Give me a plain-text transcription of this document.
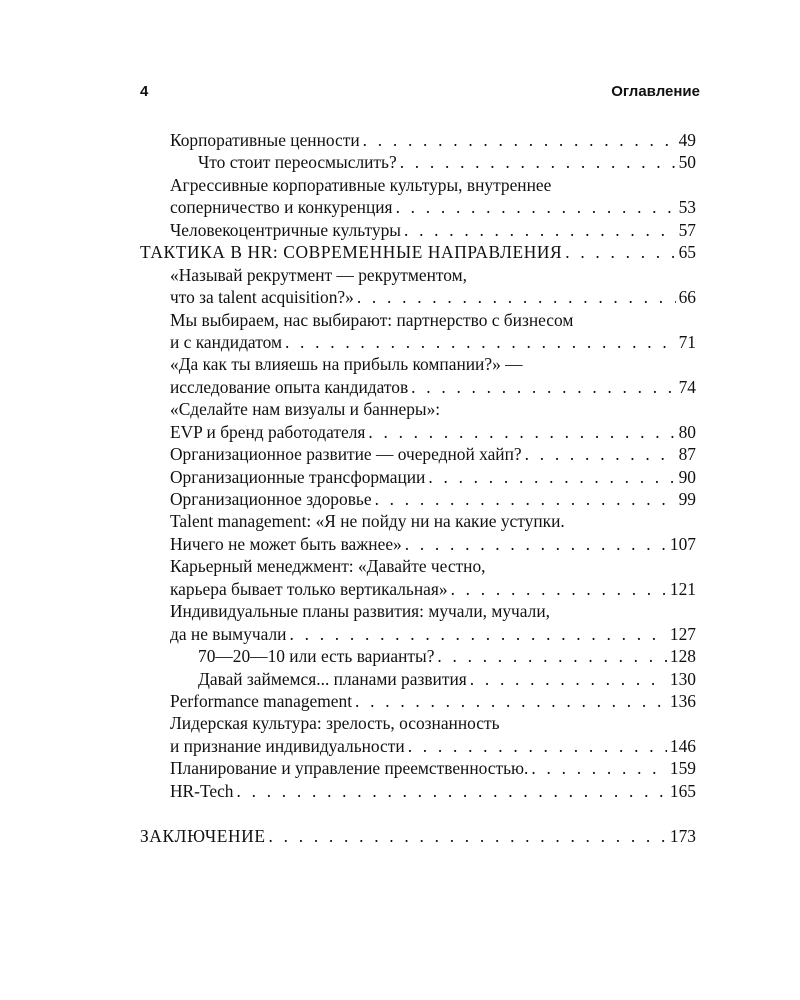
4	Оглавление
Корпоративные ценности . . .	49
Что стоит переосмыслить? . . .	50
Агрессивные корпоративные культуры, внутреннее
соперничество и конкуренция . . .	53
Человекоцентричные культуры . . .	57
ТАКТИКА В HR: СОВРЕМЕННЫЕ НАПРАВЛЕНИЯ . . .	65
«Называй рекрутмент — рекрутментом,
что за talent acquisition?» . . .	66
Мы выбираем, нас выбирают: партнерство с бизнесом
и с кандидатом . . .	71
«Да как ты влияешь на прибыль компании?» —
исследование опыта кандидатов . . .	74
«Сделайте нам визуалы и баннеры»:
EVP и бренд работодателя . . .	80
Организационное развитие — очередной хайп? . . .	87
Организационные трансформации . . .	90
Организационное здоровье . . .	99
Talent management: «Я не пойду ни на какие уступки.
Ничего не может быть важнее» . . .	107
Карьерный менеджмент: «Давайте честно,
карьера бывает только вертикальная» . . .	121
Индивидуальные планы развития: мучали, мучали,
да не вымучали . . .	127
70—20—10 или есть варианты? . . .	128
Давай займемся... планами развития . . .	130
Performance management . . .	136
Лидерская культура: зрелость, осознанность
и признание индивидуальности . . .	146
Планирование и управление преемственностью. . . .	159
HR-Tech . . .	165
ЗАКЛЮЧЕНИЕ . . .	173
